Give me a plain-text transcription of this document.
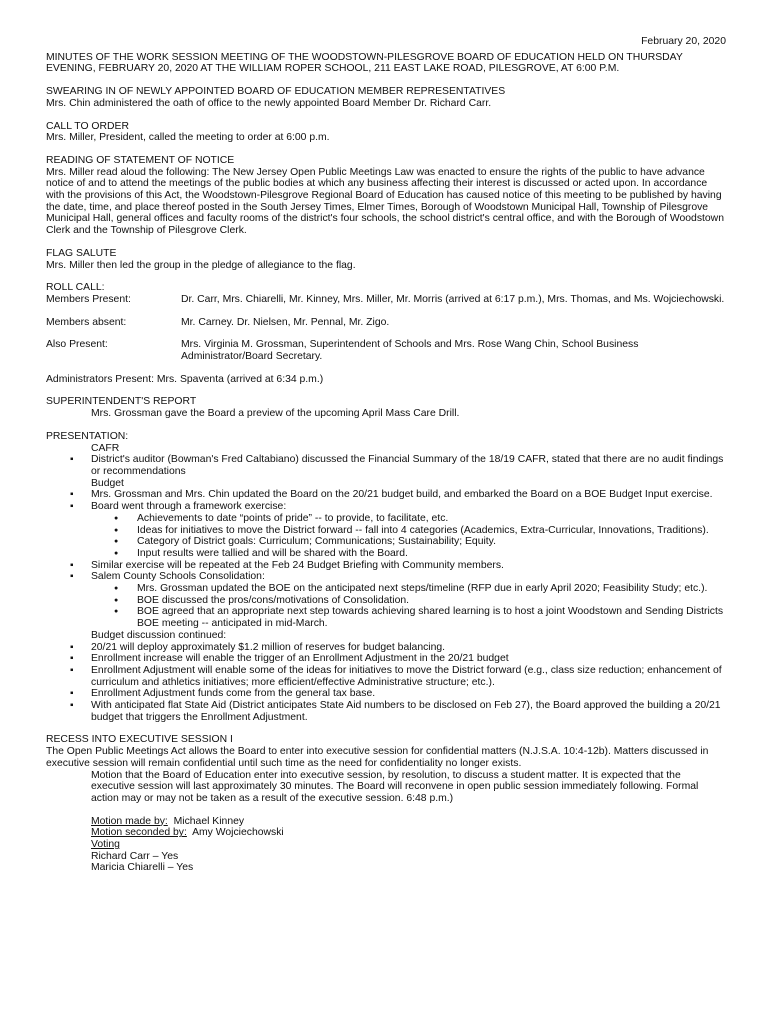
February 20, 2020

MINUTES OF THE WORK SESSION MEETING OF THE WOODSTOWN-PILESGROVE BOARD OF EDUCATION HELD ON THURSDAY EVENING, FEBRUARY 20, 2020 AT THE WILLIAM ROPER SCHOOL, 211 EAST LAKE ROAD, PILESGROVE, AT 6:00 P.M.

SWEARING IN OF NEWLY APPOINTED BOARD OF EDUCATION MEMBER REPRESENTATIVES

Mrs. Chin administered the oath of office to the newly appointed Board Member Dr. Richard Carr.

CALL TO ORDER

Mrs. Miller, President, called the meeting to order at 6:00 p.m.

READING OF STATEMENT OF NOTICE

Mrs. Miller read aloud the following: The New Jersey Open Public Meetings Law was enacted to ensure the rights of the public to have advance notice of and to attend the meetings of the public bodies at which any business affecting their interest is discussed or acted upon. In accordance with the provisions of this Act, the Woodstown-Pilesgrove Regional Board of Education has caused notice of this meeting to be published by having the date, time, and place thereof posted in the South Jersey Times, Elmer Times, Borough of Woodstown Municipal Hall, Township of Pilesgrove Municipal Hall, general offices and faculty rooms of the district's four schools, the school district's central office, and with the Borough of Woodstown Clerk and the Township of Pilesgrove Clerk.

FLAG SALUTE

Mrs. Miller then led the group in the pledge of allegiance to the flag.

ROLL CALL:

Members Present:	Dr. Carr, Mrs. Chiarelli, Mr. Kinney, Mrs. Miller, Mr. Morris (arrived at 6:17 p.m.), Mrs. Thomas, and Ms. Wojciechowski.
Members absent:	Mr. Carney. Dr. Nielsen, Mr. Pennal, Mr. Zigo.
Also Present:	Mrs. Virginia M. Grossman, Superintendent of Schools and Mrs. Rose Wang Chin, School Business Administrator/Board Secretary.

Administrators Present: Mrs. Spaventa (arrived at 6:34 p.m.)

SUPERINTENDENT'S REPORT

Mrs. Grossman gave the Board a preview of the upcoming April Mass Care Drill.

PRESENTATION:

CAFR

▪ District's auditor (Bowman's Fred Caltabiano) discussed the Financial Summary of the 18/19 CAFR, stated that there are no audit findings or recommendations

Budget

▪ Mrs. Grossman and Mrs. Chin updated the Board on the 20/21 budget build, and embarked the Board on a BOE Budget Input exercise.
▪ Board went through a framework exercise:
● Achievements to date “points of pride” -- to provide, to facilitate, etc.
● Ideas for initiatives to move the District forward -- fall into 4 categories (Academics, Extra-Curricular, Innovations, Traditions).
● Category of District goals: Curriculum; Communications; Sustainability; Equity.
● Input results were tallied and will be shared with the Board.
▪ Similar exercise will be repeated at the Feb 24 Budget Briefing with Community members.
▪ Salem County Schools Consolidation:
● Mrs. Grossman updated the BOE on the anticipated next steps/timeline (RFP due in early April 2020; Feasibility Study; etc.).
● BOE discussed the pros/cons/motivations of Consolidation.
● BOE agreed that an appropriate next step towards achieving shared learning is to host a joint Woodstown and Sending Districts BOE meeting -- anticipated in mid-March.

Budget discussion continued:

▪ 20/21 will deploy approximately $1.2 million of reserves for budget balancing.
▪ Enrollment increase will enable the trigger of an Enrollment Adjustment in the 20/21 budget
▪ Enrollment Adjustment will enable some of the ideas for initiatives to move the District forward (e.g., class size reduction; enhancement of curriculum and athletics initiatives; more efficient/effective Administrative structure; etc.).
▪ Enrollment Adjustment funds come from the general tax base.
▪ With anticipated flat State Aid (District anticipates State Aid numbers to be disclosed on Feb 27), the Board approved the building a 20/21 budget that triggers the Enrollment Adjustment.

RECESS INTO EXECUTIVE SESSION I

The Open Public Meetings Act allows the Board to enter into executive session for confidential matters (N.J.S.A. 10:4-12b). Matters discussed in executive session will remain confidential until such time as the need for confidentiality no longer exists.

Motion that the Board of Education enter into executive session, by resolution, to discuss a student matter. It is expected that the executive session will last approximately 30 minutes. The Board will reconvene in open public session immediately following. Formal action may or may not be taken as a result of the executive session. 6:48 p.m.)

Motion made by: Michael Kinney

Motion seconded by: Amy Wojciechowski

Voting

Richard Carr – Yes

Maricia Chiarelli – Yes
